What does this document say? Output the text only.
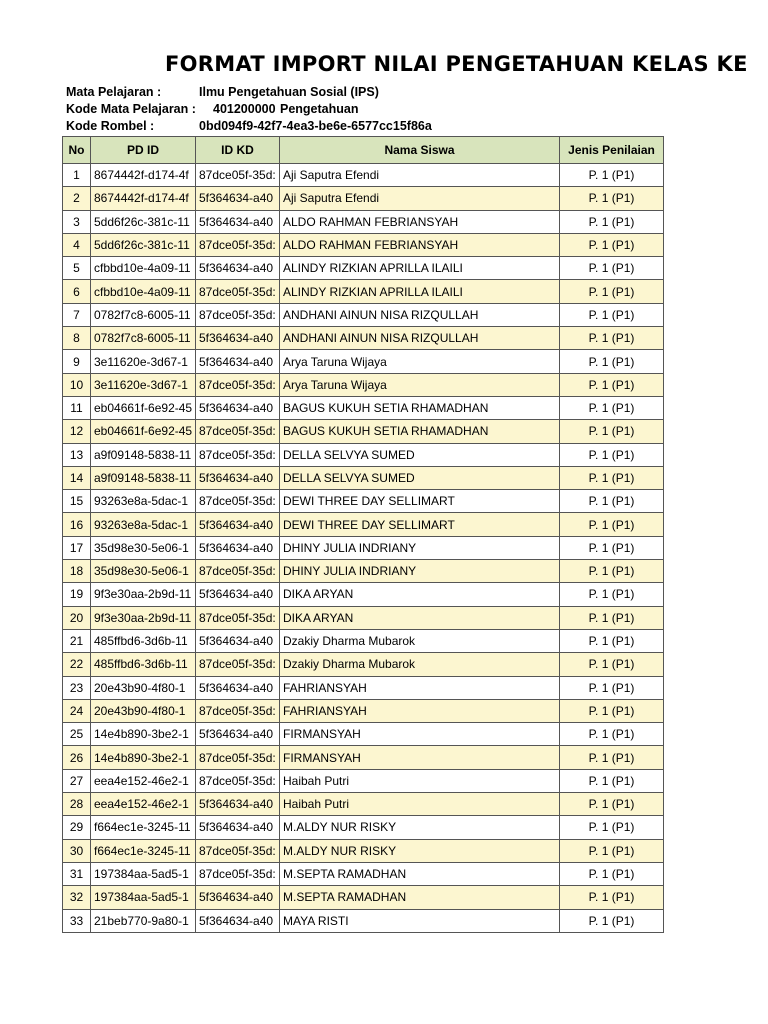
FORMAT IMPORT NILAI PENGETAHUAN KELAS KE
Mata Pelajaran :	Ilmu Pengetahuan Sosial (IPS)
Kode Mata Pelajaran : 401200000 Pengetahuan
Kode Rombel :	0bd094f9-42f7-4ea3-be6e-6577cc15f86a
No	PD ID	ID KD	Nama Siswa	Jenis Penilaian
1	8674442f-d174-4f	87dce05f-35d:	Aji Saputra Efendi	P. 1 (P1)
2	8674442f-d174-4f	5f364634-a40	Aji Saputra Efendi	P. 1 (P1)
3	5dd6f26c-381c-11	5f364634-a40	ALDO RAHMAN FEBRIANSYAH	P. 1 (P1)
4	5dd6f26c-381c-11	87dce05f-35d:	ALDO RAHMAN FEBRIANSYAH	P. 1 (P1)
5	cfbbd10e-4a09-11	5f364634-a40	ALINDY RIZKIAN APRILLA ILAILI	P. 1 (P1)
6	cfbbd10e-4a09-11	87dce05f-35d:	ALINDY RIZKIAN APRILLA ILAILI	P. 1 (P1)
7	0782f7c8-6005-11	87dce05f-35d:	ANDHANI AINUN NISA RIZQULLAH	P. 1 (P1)
8	0782f7c8-6005-11	5f364634-a40	ANDHANI AINUN NISA RIZQULLAH	P. 1 (P1)
9	3e11620e-3d67-1	5f364634-a40	Arya Taruna Wijaya	P. 1 (P1)
10	3e11620e-3d67-1	87dce05f-35d:	Arya Taruna Wijaya	P. 1 (P1)
11	eb04661f-6e92-45	5f364634-a40	BAGUS KUKUH SETIA RHAMADHAN	P. 1 (P1)
12	eb04661f-6e92-45	87dce05f-35d:	BAGUS KUKUH SETIA RHAMADHAN	P. 1 (P1)
13	a9f09148-5838-11	87dce05f-35d:	DELLA SELVYA SUMED	P. 1 (P1)
14	a9f09148-5838-11	5f364634-a40	DELLA SELVYA SUMED	P. 1 (P1)
15	93263e8a-5dac-1	87dce05f-35d:	DEWI THREE DAY SELLIMART	P. 1 (P1)
16	93263e8a-5dac-1	5f364634-a40	DEWI THREE DAY SELLIMART	P. 1 (P1)
17	35d98e30-5e06-1	5f364634-a40	DHINY JULIA INDRIANY	P. 1 (P1)
18	35d98e30-5e06-1	87dce05f-35d:	DHINY JULIA INDRIANY	P. 1 (P1)
19	9f3e30aa-2b9d-11	5f364634-a40	DIKA ARYAN	P. 1 (P1)
20	9f3e30aa-2b9d-11	87dce05f-35d:	DIKA ARYAN	P. 1 (P1)
21	485ffbd6-3d6b-11	5f364634-a40	Dzakiy Dharma Mubarok	P. 1 (P1)
22	485ffbd6-3d6b-11	87dce05f-35d:	Dzakiy Dharma Mubarok	P. 1 (P1)
23	20e43b90-4f80-1	5f364634-a40	FAHRIANSYAH	P. 1 (P1)
24	20e43b90-4f80-1	87dce05f-35d:	FAHRIANSYAH	P. 1 (P1)
25	14e4b890-3be2-1	5f364634-a40	FIRMANSYAH	P. 1 (P1)
26	14e4b890-3be2-1	87dce05f-35d:	FIRMANSYAH	P. 1 (P1)
27	eea4e152-46e2-1	87dce05f-35d:	Haibah Putri	P. 1 (P1)
28	eea4e152-46e2-1	5f364634-a40	Haibah Putri	P. 1 (P1)
29	f664ec1e-3245-11	5f364634-a40	M.ALDY NUR RISKY	P. 1 (P1)
30	f664ec1e-3245-11	87dce05f-35d:	M.ALDY NUR RISKY	P. 1 (P1)
31	197384aa-5ad5-1	87dce05f-35d:	M.SEPTA RAMADHAN	P. 1 (P1)
32	197384aa-5ad5-1	5f364634-a40	M.SEPTA RAMADHAN	P. 1 (P1)
33	21beb770-9a80-1	5f364634-a40	MAYA RISTI	P. 1 (P1)
